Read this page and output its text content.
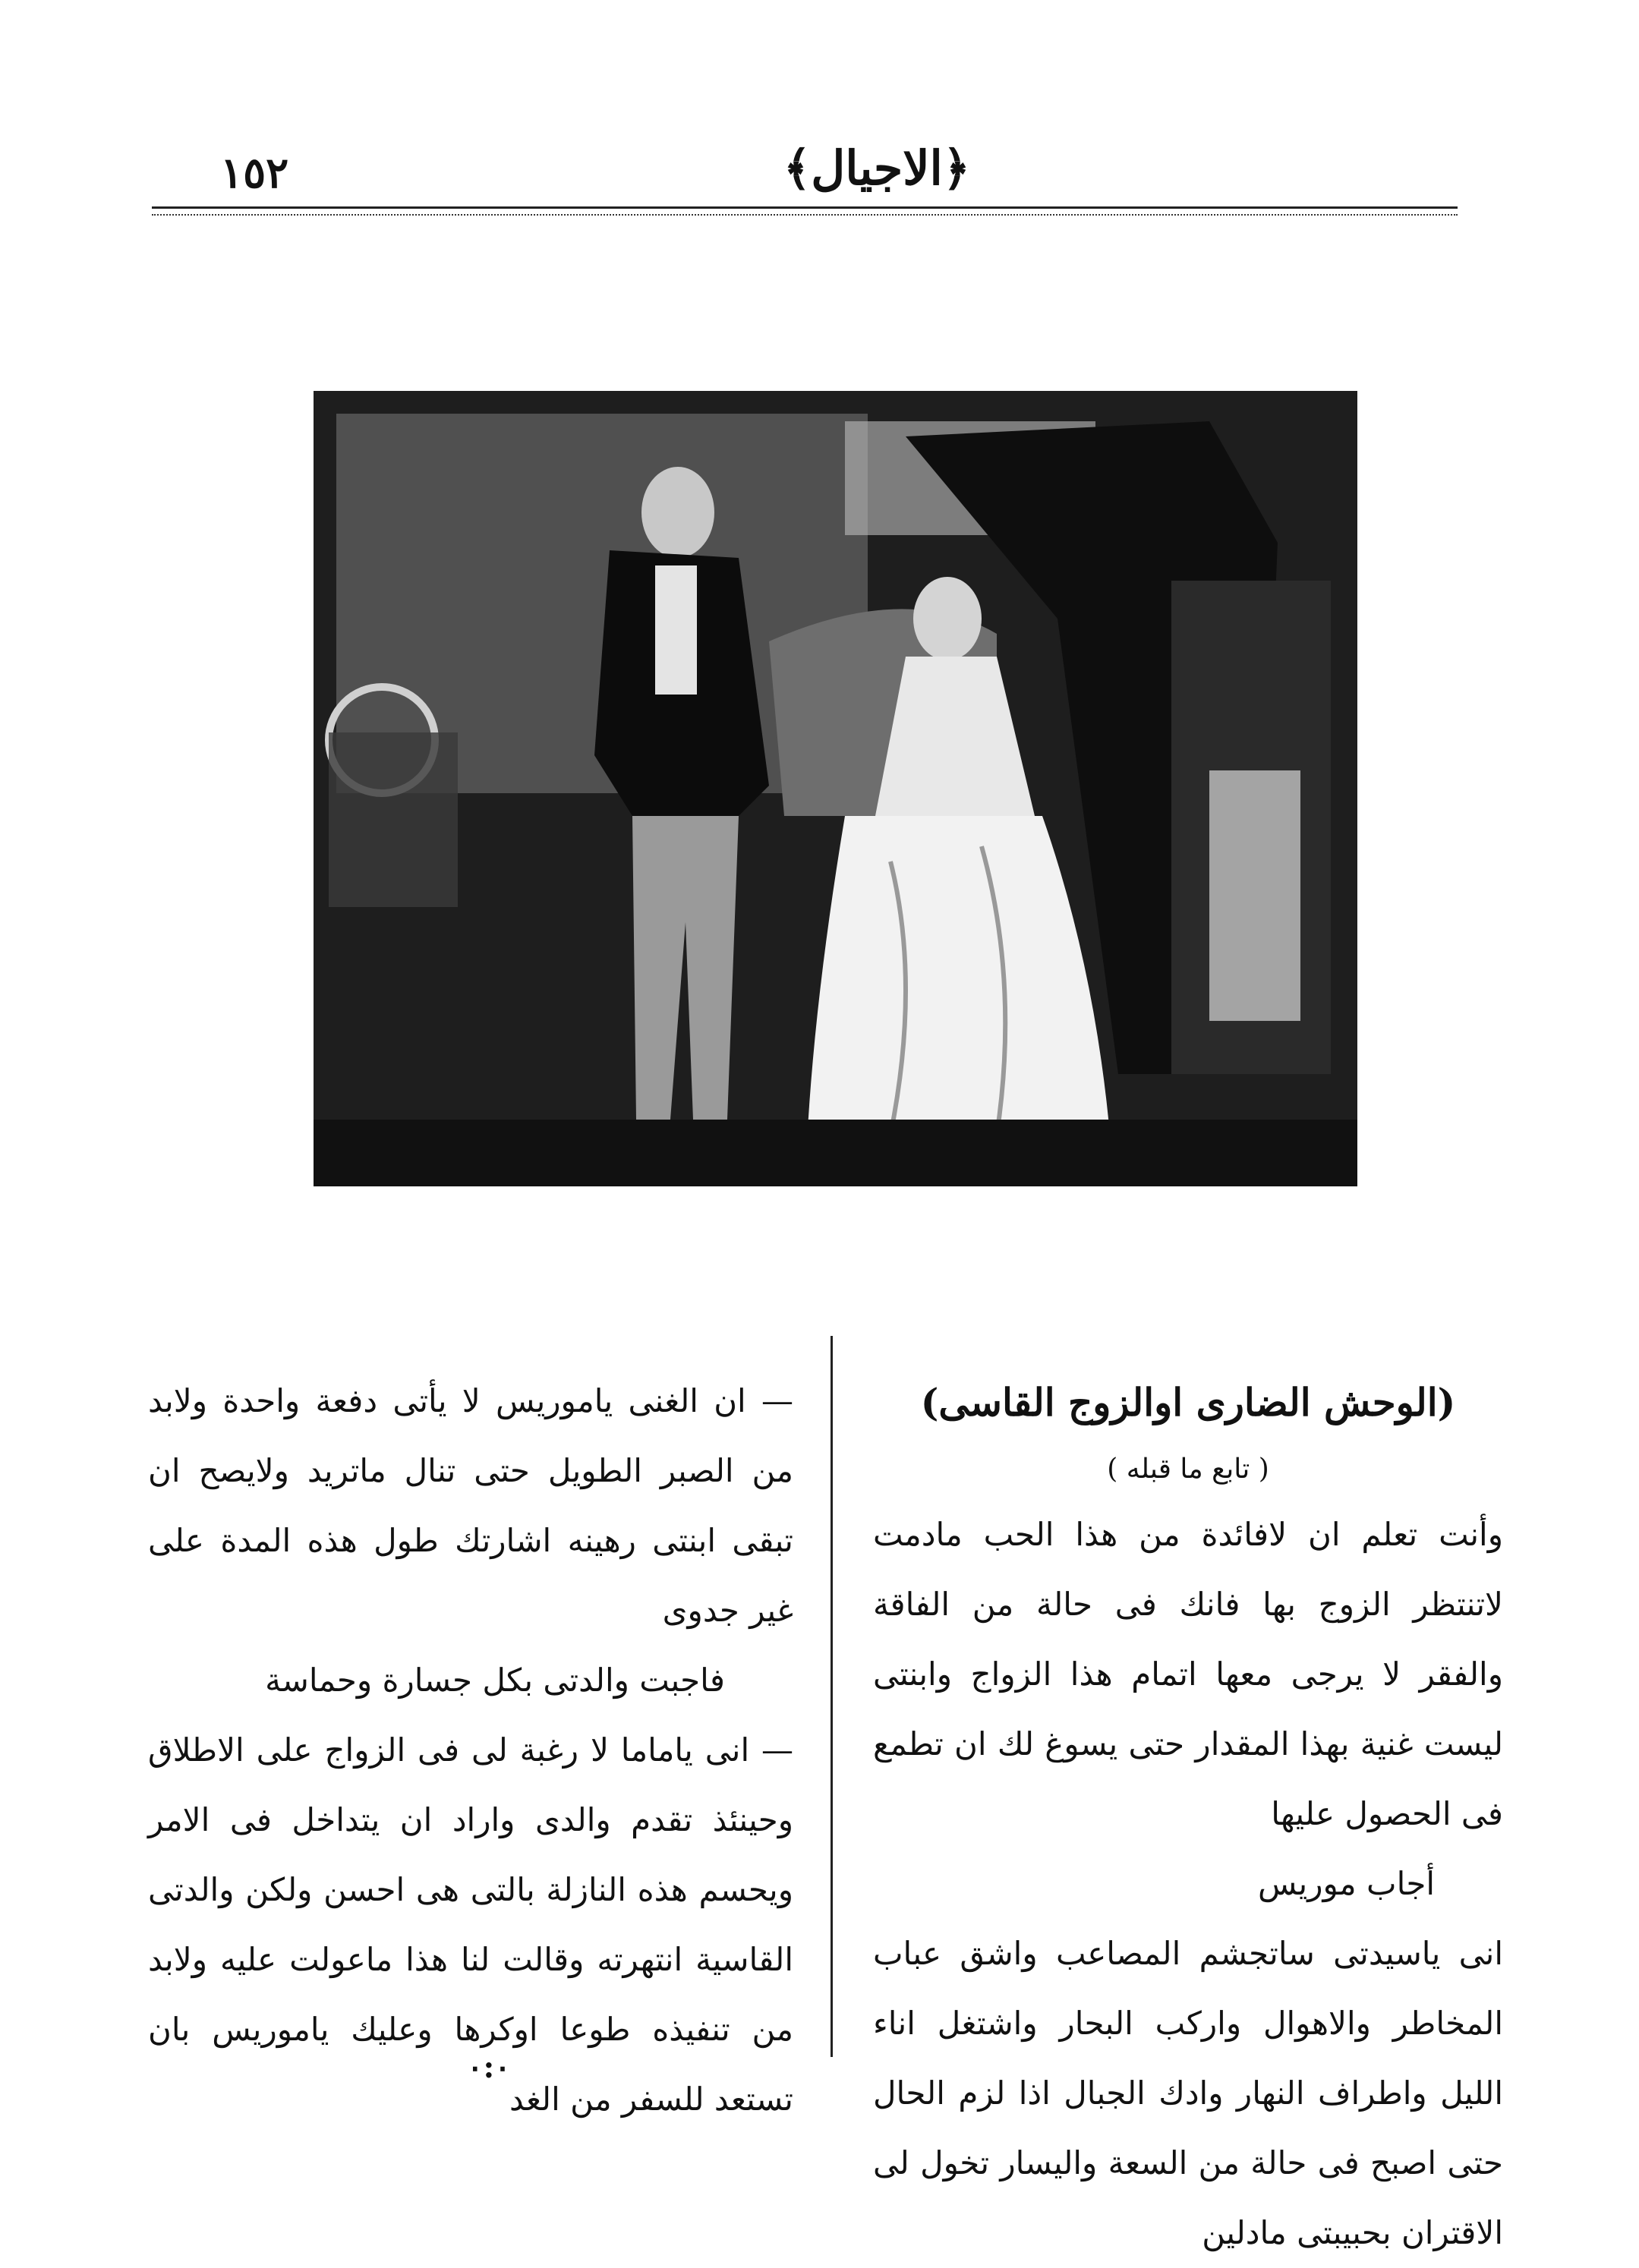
﴿الاجيال﴾
١٥٢
(الوحش الضارى اوالزوج القاسى)
( تابع ما قبله )

وأنت تعلم ان لافائدة من هذا الحب مادمت لاتنتظر الزوج بها فانك فى حالة من الفاقة والفقر لا يرجى معها اتمام هذا الزواج وابنتى ليست غنية بهذا المقدار حتى يسوغ لك ان تطمع فى الحصول عليها

أجاب موريس

انى ياسيدتى ساتجشم المصاعب واشق عباب المخاطر والاهوال واركب البحار واشتغل اناء الليل واطراف النهار وادك الجبال اذا لزم الحال حتى اصبح فى حالة من السعة واليسار تخول لى الاقتران بحبيبتى مادلين

— ان الغنى ياموريس لا يأتى دفعة واحدة ولابد من الصبر الطويل حتى تنال ماتريد ولايصح ان تبقى ابنتى رهينه اشارتك طول هذه المدة على غير جدوى

فاجبت والدتى بكل جسارة وحماسة

— انى ياماما لا رغبة لى فى الزواج على الاطلاق وحينئذ تقدم والدى واراد ان يتداخل فى الامر ويحسم هذه النازلة بالتى هى احسن ولكن والدتى القاسية انتهرته وقالت لنا هذا ماعولت عليه ولابد من تنفيذه طوعا اوكرها وعليك ياموريس بان تستعد للسفر من الغد

٠:٠
